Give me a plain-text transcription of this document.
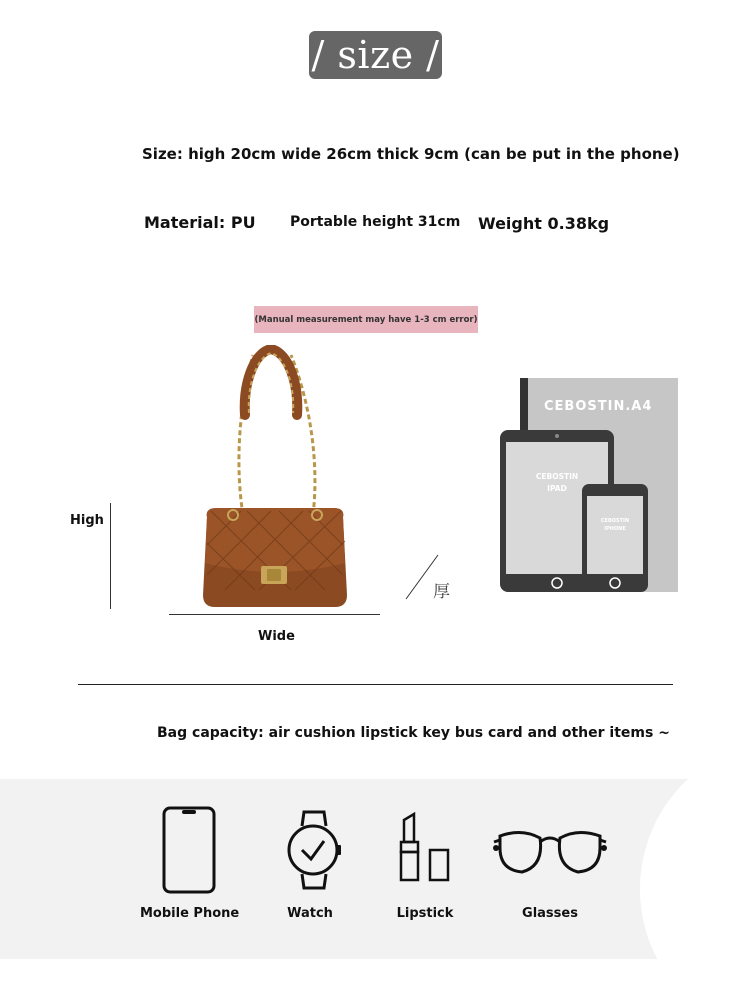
/ size /
Size: high 20cm wide 26cm thick 9cm (can be put in the phone)
Material: PU Portable height 31cm Weight 0.38kg
(Manual measurement may have 1-3 cm error)
High
Wide
厚
CEBOSTIN.A4
CEBOSTIN
IPAD
CEBOSTIN
IPHONE
Bag capacity: air cushion lipstick key bus card and other items ~
Mobile Phone	Watch	Lipstick	Glasses
